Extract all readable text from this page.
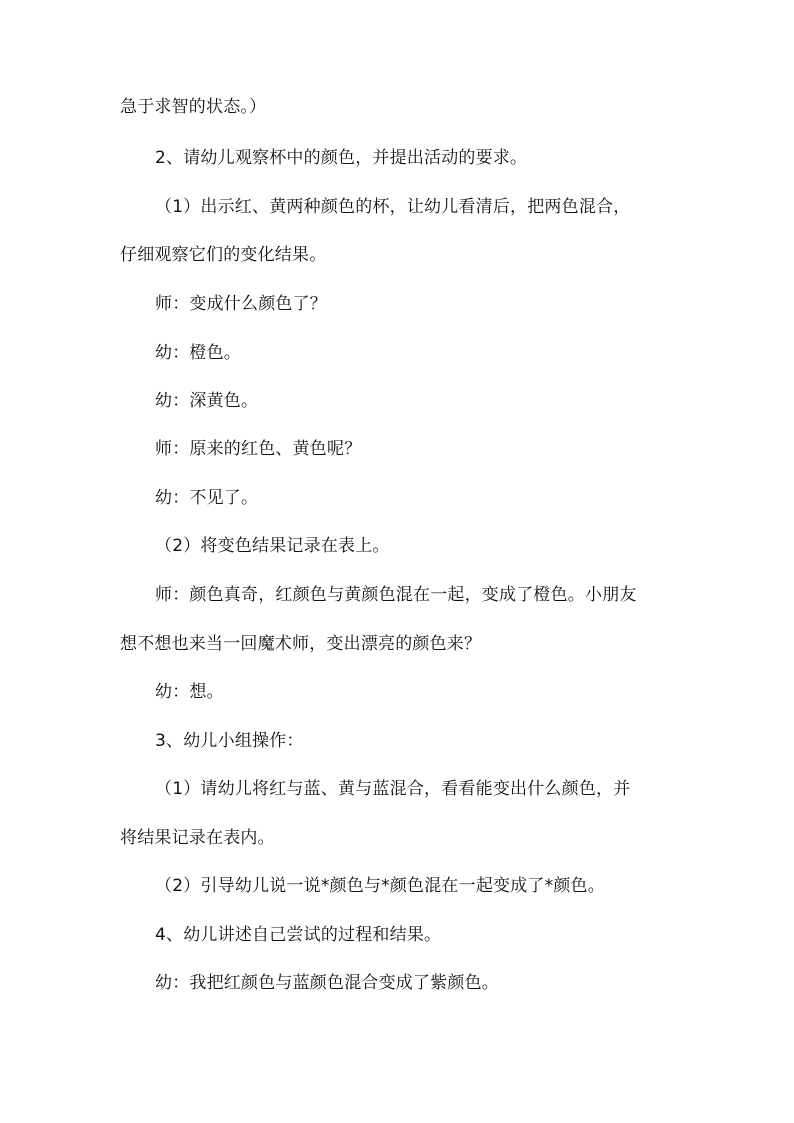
急于求智的状态。）
2、请幼儿观察杯中的颜色，并提出活动的要求。
（1）出示红、黄两种颜色的杯，让幼儿看清后，把两色混合，
仔细观察它们的变化结果。
师：变成什么颜色了？
幼：橙色。
幼：深黄色。
师：原来的红色、黄色呢？
幼：不见了。
（2）将变色结果记录在表上。
师：颜色真奇，红颜色与黄颜色混在一起，变成了橙色。小朋友
想不想也来当一回魔术师，变出漂亮的颜色来？
幼：想。
3、幼儿小组操作：
（1）请幼儿将红与蓝、黄与蓝混合，看看能变出什么颜色，并
将结果记录在表内。
（2）引导幼儿说一说*颜色与*颜色混在一起变成了*颜色。
4、幼儿讲述自己尝试的过程和结果。
幼：我把红颜色与蓝颜色混合变成了紫颜色。
